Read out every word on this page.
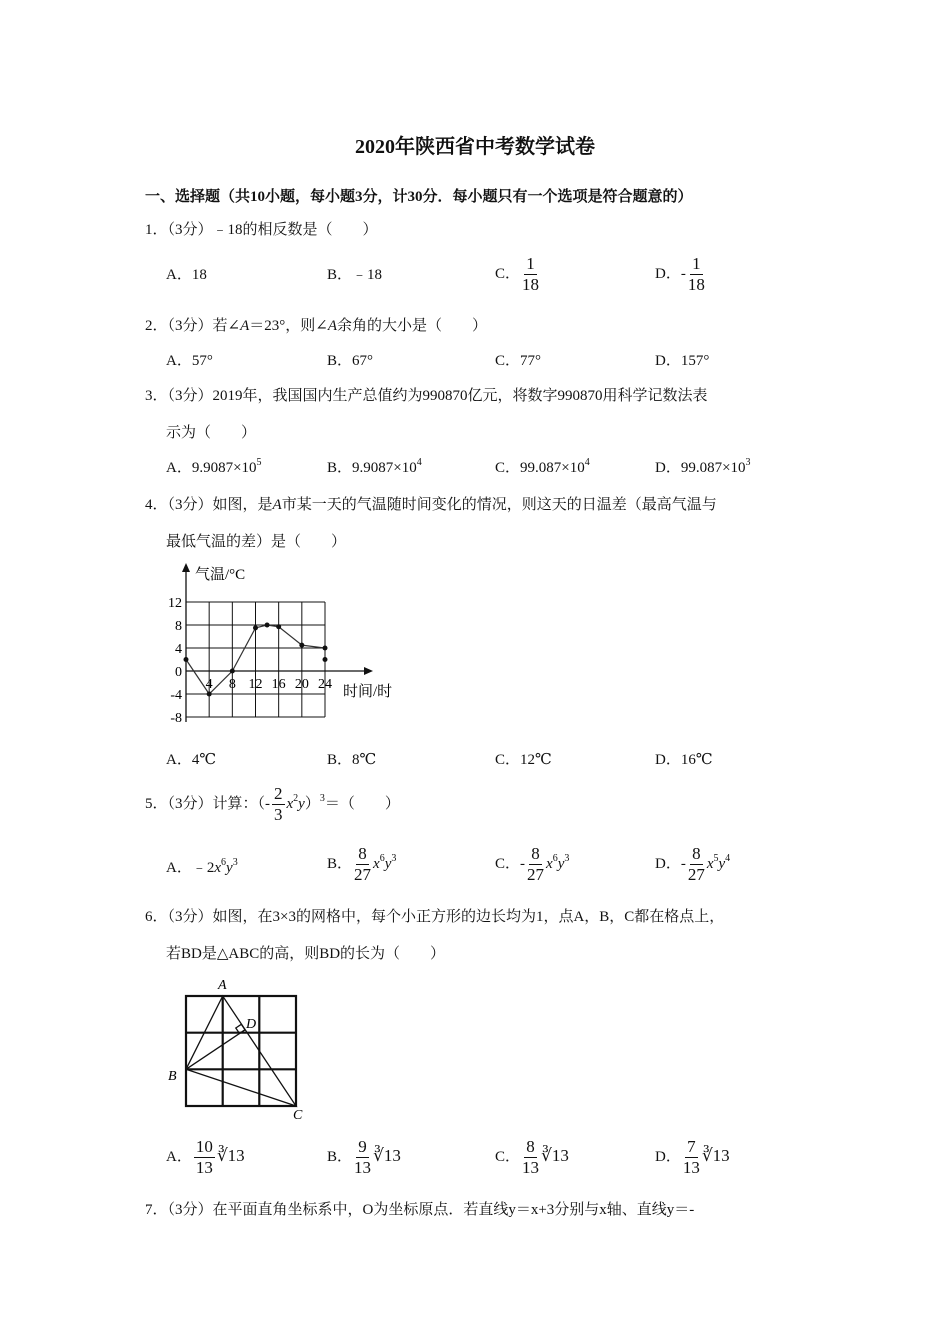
2020年陕西省中考数学试卷
一、选择题（共10小题，每小题3分，计30分．每小题只有一个选项是符合题意的）
1．（3分）﹣18的相反数是（　　）
A．18	B．﹣18	C． $\frac{1}{18}$	D．- $\frac{1}{18}$
2．（3分）若∠A＝23°，则∠A余角的大小是（　　）
A．57°	B．67°	C．77°	D．157°
3．（3分）2019年，我国国内生产总值约为990870亿元，将数字990870用科学记数法表
示为（　　）
A．$9.9087\times 10^5$	B．$9.9087\times 10^4$	C．$99.087\times 10^4$	D．$99.087\times 10^3$
4．（3分）如图，是A市某一天的气温随时间变化的情况，则这天的日温差（最高气温与
最低气温的差）是（　　）
4 8 12 16 20 24
12
8
4
0
-4
-8
气温/°C
时间/时
A．4℃	B．8℃	C．12℃	D．16℃
5．（3分）计算：（- $\frac{2}{3} x^2y)^3=$（　　）
A．$﹣2x^6y^3$	B． $\frac{8}{27} x^6y^3$	C．- $\frac{8}{27} x^6y^3$	D．- $\frac{8}{27} x^5y^4$
6．（3分）如图，在3×3的网格中，每个小正方形的边长均为1，点A，B，C都在格点上，
若BD是△ABC的高，则BD的长为（　　）
A
D
B
C
A． $\frac{10}{13}$ ∛13	B． $\frac{9}{13}$ ∛13	C． $\frac{8}{13}$ ∛13	D． $\frac{7}{13}$ ∛13
7．（3分）在平面直角坐标系中，O为坐标原点．若直线y＝x+3分别与x轴、直线y＝-
